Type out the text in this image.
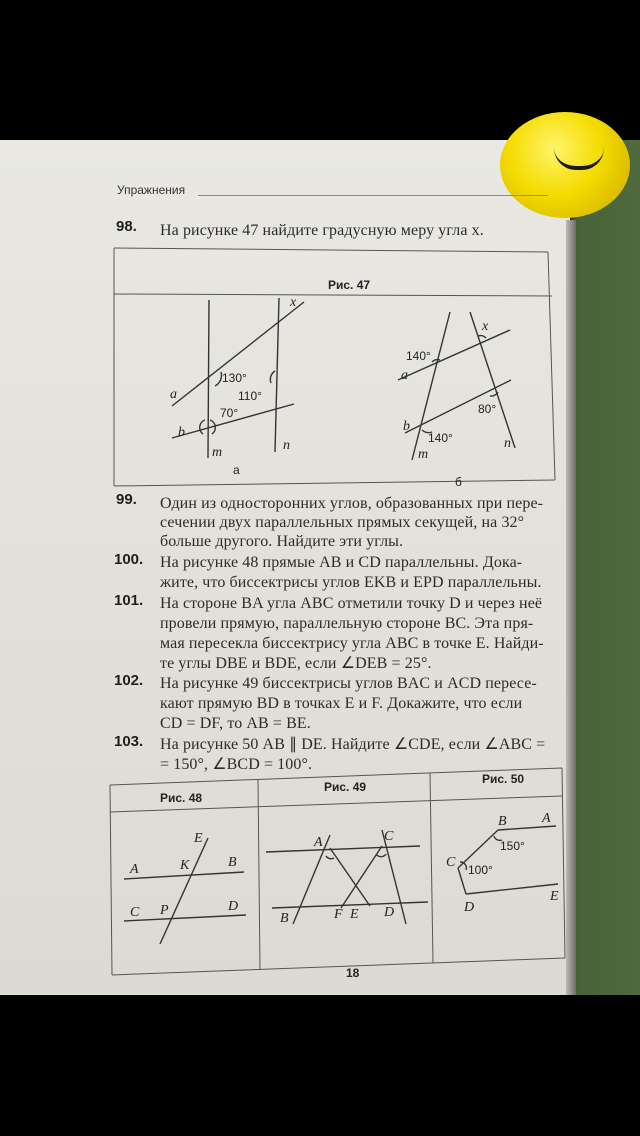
Упражнения
98. На рисунке 47 найдите градусную меру угла x.
Рис. 47
130°
110°
70°
a
b
m	n
x
а
140°
80°
140°
a
b
m
n
x
б
99. Один из односторонних углов, образованных при пере-
сечении двух параллельных прямых секущей, на 32°
больше другого. Найдите эти углы.
100. На рисунке 48 прямые AB и CD параллельны. Дока-
жите, что биссектрисы углов EKB и EPD параллельны.
101. На стороне BA угла ABC отметили точку D и через неё
провели прямую, параллельную стороне BC. Эта пря-
мая пересекла биссектрису угла ABC в точке E. Найди-
те углы DBE и BDE, если ∠DEB = 25°.
102. На рисунке 49 биссектрисы углов BAC и ACD пересе-
кают прямую BD в точках E и F. Докажите, что если
CD = DF, то AB = BE.
103. На рисунке 50 AB ∥ DE. Найдите ∠CDE, если ∠ABC =
= 150°, ∠BCD = 100°.
Рис. 48
Рис. 49
Рис. 50
E
A	K	B
C P	D
A	C
B	F E D
B	A
C
D
E
150°
100°
18
